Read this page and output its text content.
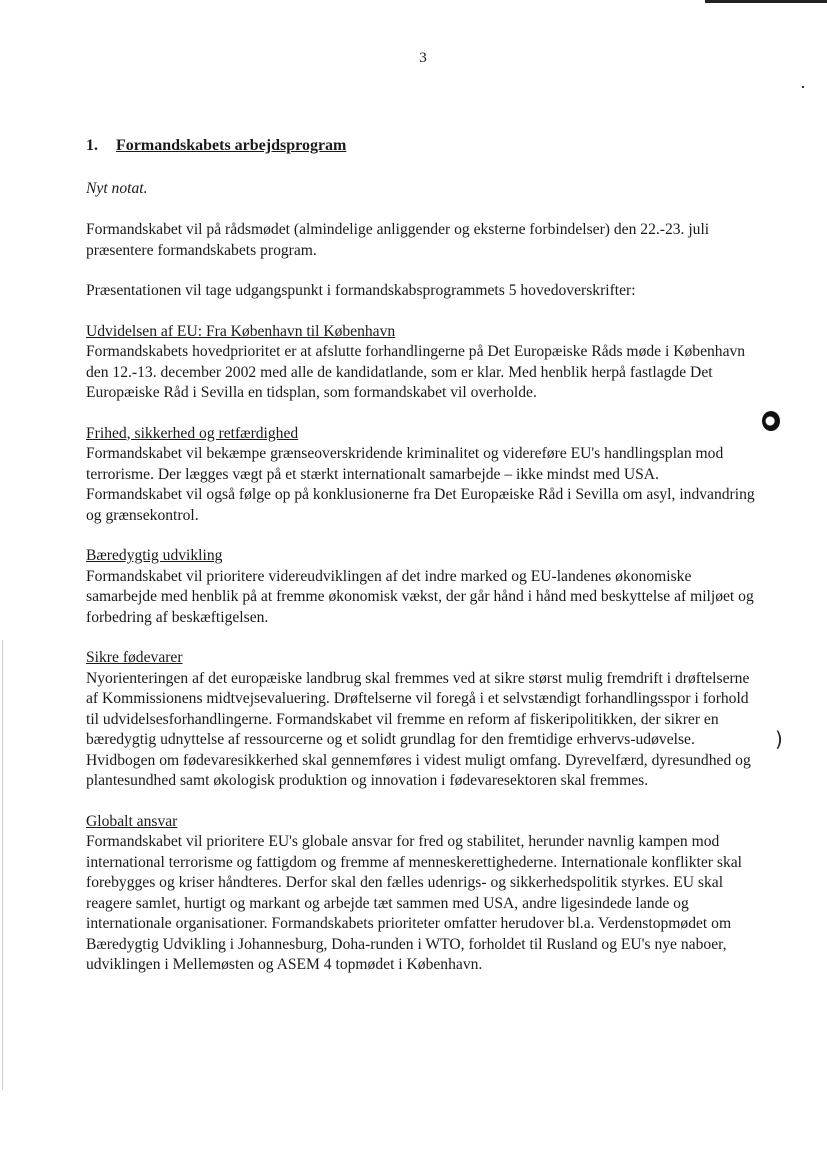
3
1. Formandskabets arbejdsprogram
Nyt notat.

Formandskabet vil på rådsmødet (almindelige anliggender og eksterne forbindelser) den 22.-23. juli præsentere formandskabets program.

Præsentationen vil tage udgangspunkt i formandskabsprogrammets 5 hovedoverskrifter:

Udvidelsen af EU: Fra København til København
Formandskabets hovedprioritet er at afslutte forhandlingerne på Det Europæiske Råds møde i København den 12.-13. december 2002 med alle de kandidatlande, som er klar. Med henblik herpå fastlagde Det Europæiske Råd i Sevilla en tidsplan, som formandskabet vil overholde.
Frihed, sikkerhed og retfærdighed
Formandskabet vil bekæmpe grænseoverskridende kriminalitet og videreføre EU's handlingsplan mod terrorisme. Der lægges vægt på et stærkt internationalt samarbejde – ikke mindst med USA. Formandskabet vil også følge op på konklusionerne fra Det Europæiske Råd i Sevilla om asyl, indvandring og grænsekontrol.
Bæredygtig udvikling
Formandskabet vil prioritere videreudviklingen af det indre marked og EU-landenes økonomiske samarbejde med henblik på at fremme økonomisk vækst, der går hånd i hånd med beskyttelse af miljøet og forbedring af beskæftigelsen.
Sikre fødevarer
Nyorienteringen af det europæiske landbrug skal fremmes ved at sikre størst mulig fremdrift i drøftelserne af Kommissionens midtvejsevaluering. Drøftelserne vil foregå i et selvstændigt forhandlingsspor i forhold til udvidelsesforhandlingerne. Formandskabet vil fremme en reform af fiskeripolitikken, der sikrer en bæredygtig udnyttelse af ressourcerne og et solidt grundlag for den fremtidige erhvervs-udøvelse. Hvidbogen om fødevaresikkerhed skal gennemføres i videst muligt omfang. Dyrevelfærd, dyresundhed og plantesundhed samt økologisk produktion og innovation i fødevaresektoren skal fremmes.
Globalt ansvar
Formandskabet vil prioritere EU's globale ansvar for fred og stabilitet, herunder navnlig kampen mod international terrorisme og fattigdom og fremme af menneskerettighederne. Internationale konflikter skal forebygges og kriser håndteres. Derfor skal den fælles udenrigs- og sikkerhedspolitik styrkes. EU skal reagere samlet, hurtigt og markant og arbejde tæt sammen med USA, andre ligesindede lande og internationale organisationer. Formandskabets prioriteter omfatter herudover bl.a. Verdenstopmødet om Bæredygtig Udvikling i Johannesburg, Doha-runden i WTO, forholdet til Rusland og EU's nye naboer, udviklingen i Mellemøsten og ASEM 4 topmødet i København.
)
